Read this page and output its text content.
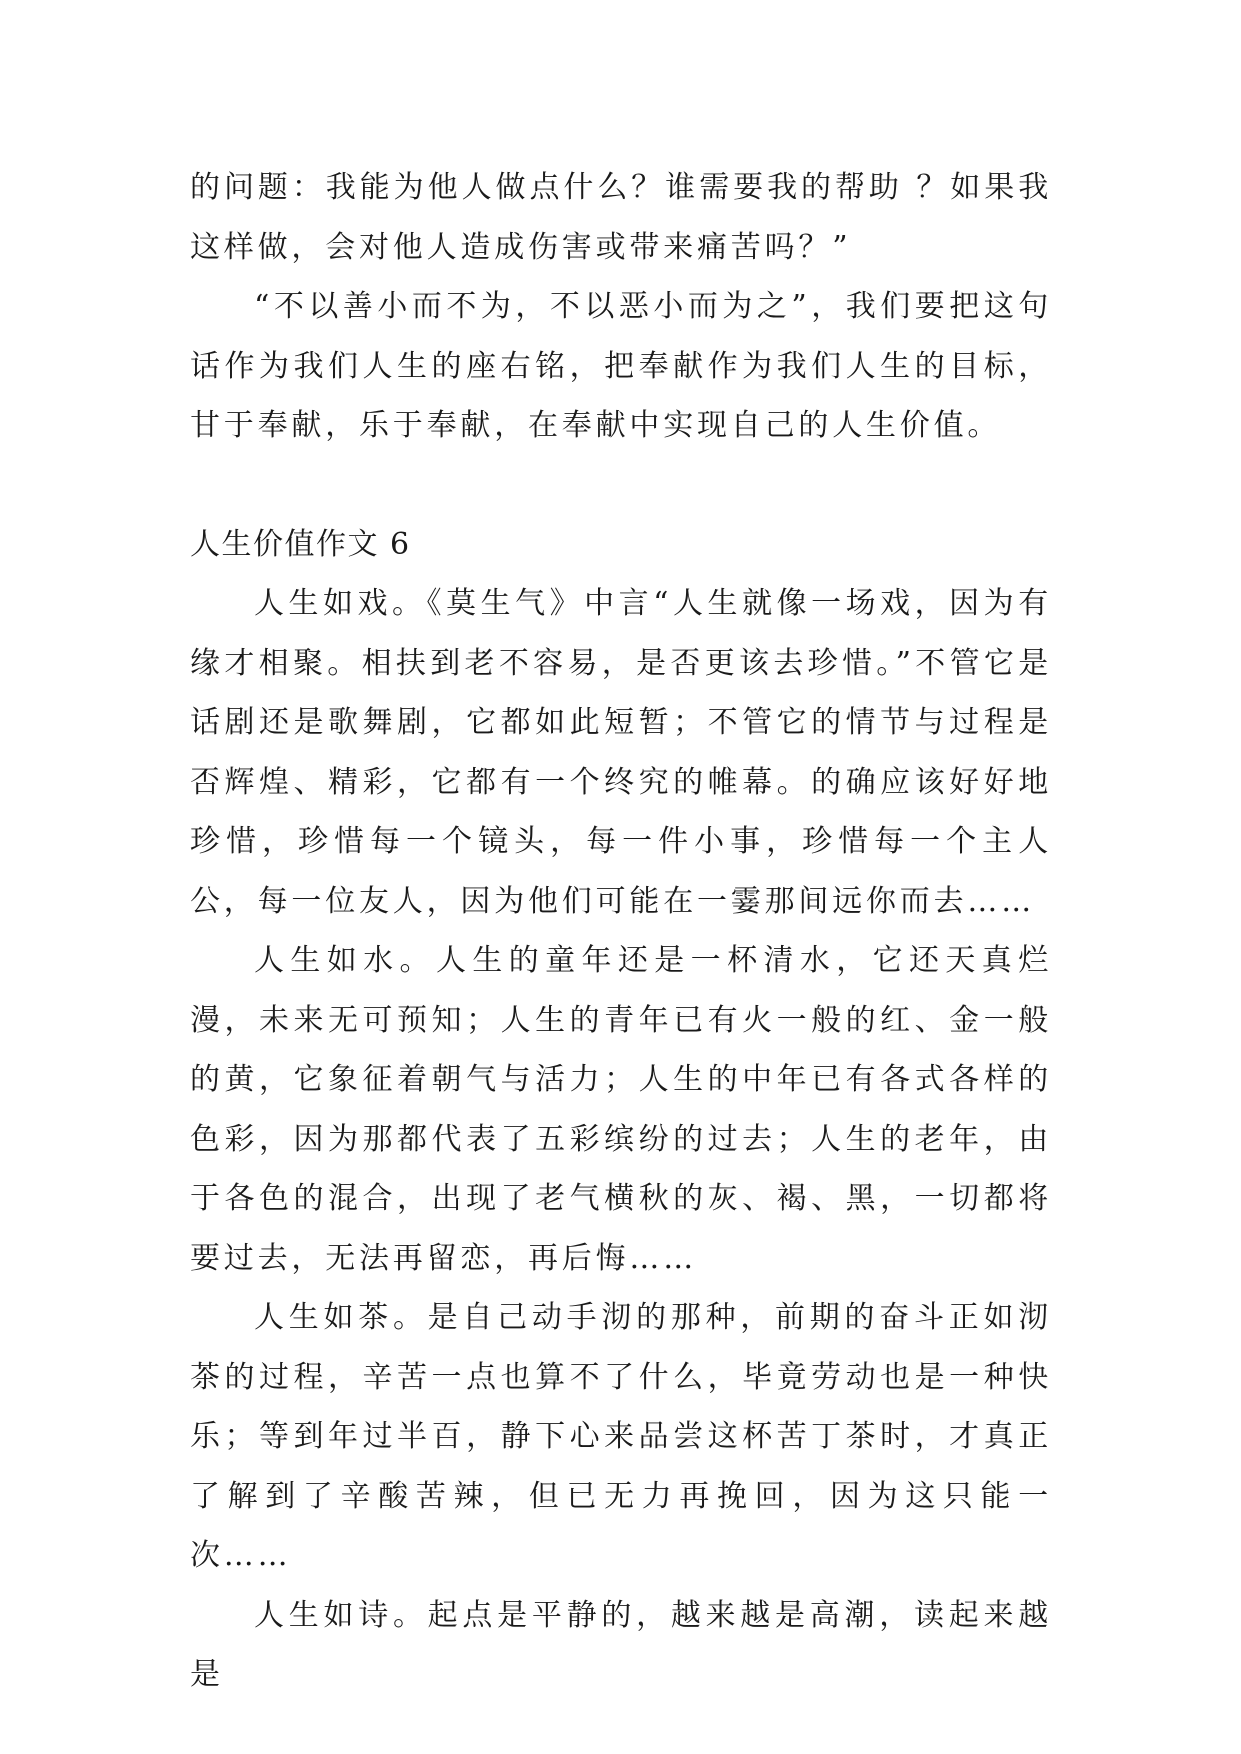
的问题：我能为他人做点什么？谁需要我的帮助 ？如果我这样做，会对他人造成伤害或带来痛苦吗？”

“不以善小而不为，不以恶小而为之”，我们要把这句话作为我们人生的座右铭，把奉献作为我们人生的目标，甘于奉献，乐于奉献，在奉献中实现自己的人生价值。

人生价值作文 6

人生如戏。《莫生气》中言“人生就像一场戏，因为有缘才相聚。相扶到老不容易，是否更该去珍惜。”不管它是话剧还是歌舞剧，它都如此短暂；不管它的情节与过程是否辉煌、精彩，它都有一个终究的帷幕。的确应该好好地珍惜，珍惜每一个镜头，每一件小事，珍惜每一个主人公，每一位友人，因为他们可能在一霎那间远你而去……

人生如水。人生的童年还是一杯清水，它还天真烂漫，未来无可预知；人生的青年已有火一般的红、金一般的黄，它象征着朝气与活力；人生的中年已有各式各样的色彩，因为那都代表了五彩缤纷的过去；人生的老年，由于各色的混合，出现了老气横秋的灰、褐、黑，一切都将要过去，无法再留恋，再后悔……

人生如茶。是自己动手沏的那种，前期的奋斗正如沏茶的过程，辛苦一点也算不了什么，毕竟劳动也是一种快乐；等到年过半百，静下心来品尝这杯苦丁茶时，才真正了解到了辛酸苦辣，但已无力再挽回，因为这只能一次……

人生如诗。起点是平静的，越来越是高潮，读起来越是
